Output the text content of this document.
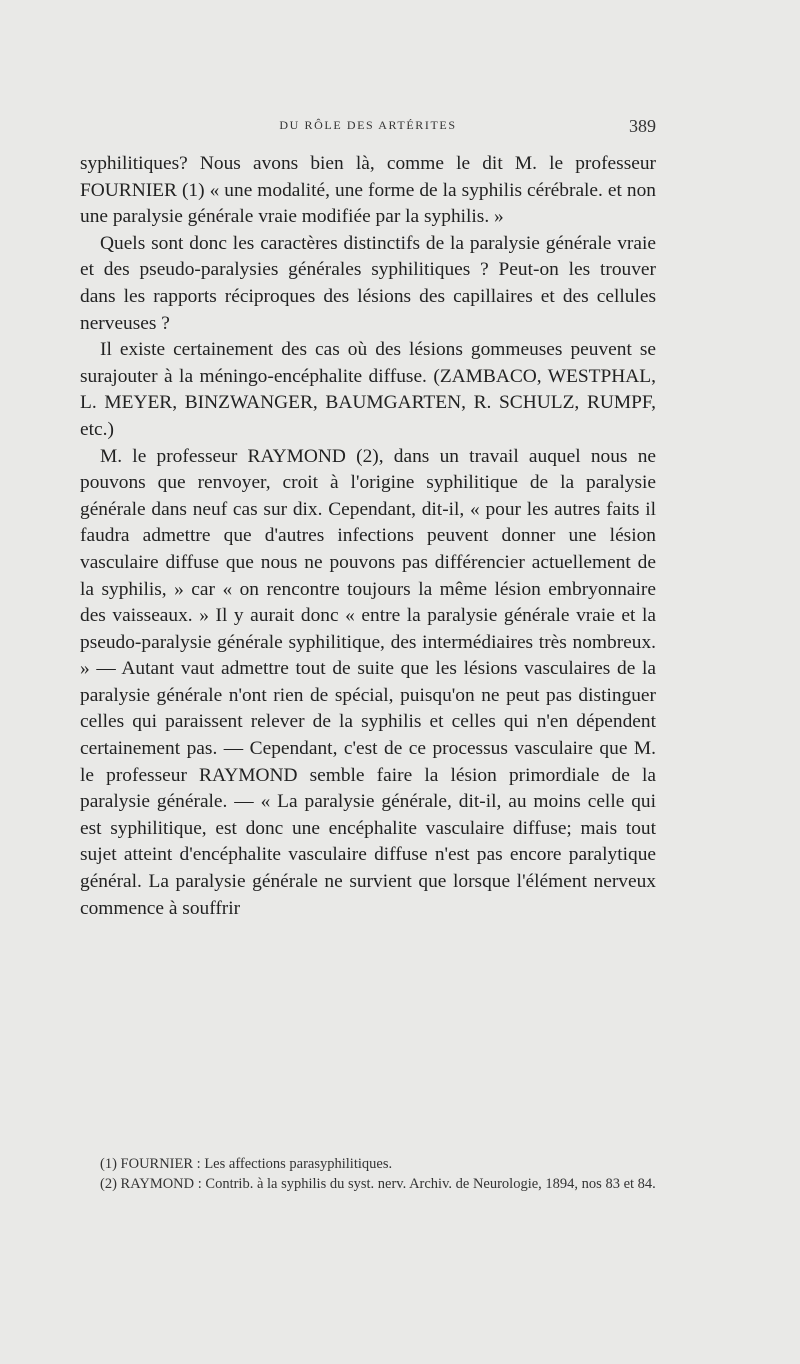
DU RÔLE DES ARTÉRITES	389

syphilitiques? Nous avons bien là, comme le dit M. le professeur FOURNIER (1) « une modalité, une forme de la syphilis cérébrale. et non une paralysie générale vraie modifiée par la syphilis. »

Quels sont donc les caractères distinctifs de la paralysie générale vraie et des pseudo-paralysies générales syphilitiques ? Peut-on les trouver dans les rapports réciproques des lésions des capillaires et des cellules nerveuses ?

Il existe certainement des cas où des lésions gommeuses peuvent se surajouter à la méningo-encéphalite diffuse. (ZAMBACO, WESTPHAL, L. MEYER, BINZWANGER, BAUMGARTEN, R. SCHULZ, RUMPF, etc.)

M. le professeur RAYMOND (2), dans un travail auquel nous ne pouvons que renvoyer, croit à l'origine syphilitique de la paralysie générale dans neuf cas sur dix. Cependant, dit-il, « pour les autres faits il faudra admettre que d'autres infections peuvent donner une lésion vasculaire diffuse que nous ne pouvons pas différencier actuellement de la syphilis, » car « on rencontre toujours la même lésion embryonnaire des vaisseaux. » Il y aurait donc « entre la paralysie générale vraie et la pseudo-paralysie générale syphilitique, des intermédiaires très nombreux. » — Autant vaut admettre tout de suite que les lésions vasculaires de la paralysie générale n'ont rien de spécial, puisqu'on ne peut pas distinguer celles qui paraissent relever de la syphilis et celles qui n'en dépendent certainement pas. — Cependant, c'est de ce processus vasculaire que M. le professeur RAYMOND semble faire la lésion primordiale de la paralysie générale. — « La paralysie générale, dit-il, au moins celle qui est syphilitique, est donc une encéphalite vasculaire diffuse; mais tout sujet atteint d'encéphalite vasculaire diffuse n'est pas encore paralytique général. La paralysie générale ne survient que lorsque l'élément nerveux commence à souffrir

(1) FOURNIER : Les affections parasyphilitiques.

(2) RAYMOND : Contrib. à la syphilis du syst. nerv. Archiv. de Neurologie, 1894, nos 83 et 84.
